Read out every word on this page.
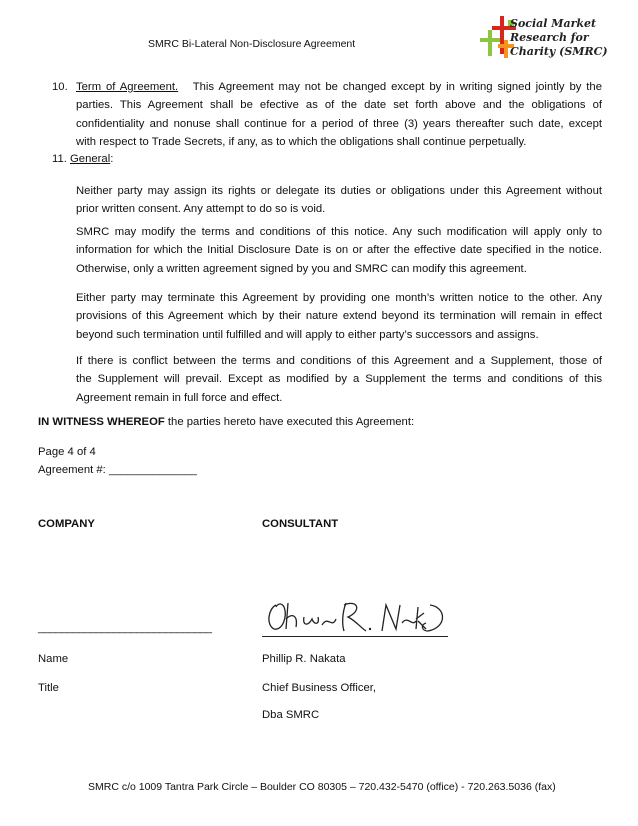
SMRC Bi-Lateral Non-Disclosure Agreement
Social Market
Research for
Charity (SMRC)
10. Term of Agreement. This Agreement may not be changed except by in writing signed jointly by the
parties. This Agreement shall be efective as of the date set forth above and the obligations of
confidentiality and nonuse shall continue for a period of three (3) years thereafter such date, except
with respect to Trade Secrets, if any, as to which the obligations shall continue perpetually.
11. General:
Neither party may assign its rights or delegate its duties or obligations under this Agreement without
prior written consent. Any attempt to do so is void.
SMRC may modify the terms and conditions of this notice. Any such modification will apply only to
information for which the Initial Disclosure Date is on or after the effective date specified in the notice.
Otherwise, only a written agreement signed by you and SMRC can modify this agreement.
Either party may terminate this Agreement by providing one month’s written notice to the other. Any
provisions of this Agreement which by their nature extend beyond its termination will remain in effect
beyond such termination until fulfilled and will apply to either party’s successors and assigns.
If there is conflict between the terms and conditions of this Agreement and a Supplement, those of
the Supplement will prevail. Except as modified by a Supplement the terms and conditions of this
Agreement remain in full force and effect.
IN WITNESS WHEREOF the parties hereto have executed this Agreement:
Page 4 of 4
Agreement #: ______________
COMPANY	CONSULTANT
______________________________
Name	Phillip R. Nakata
Title	Chief Business Officer,
Dba SMRC
SMRC c/o 1009 Tantra Park Circle – Boulder CO 80305 – 720.432-5470 (office) - 720.263.5036 (fax)
